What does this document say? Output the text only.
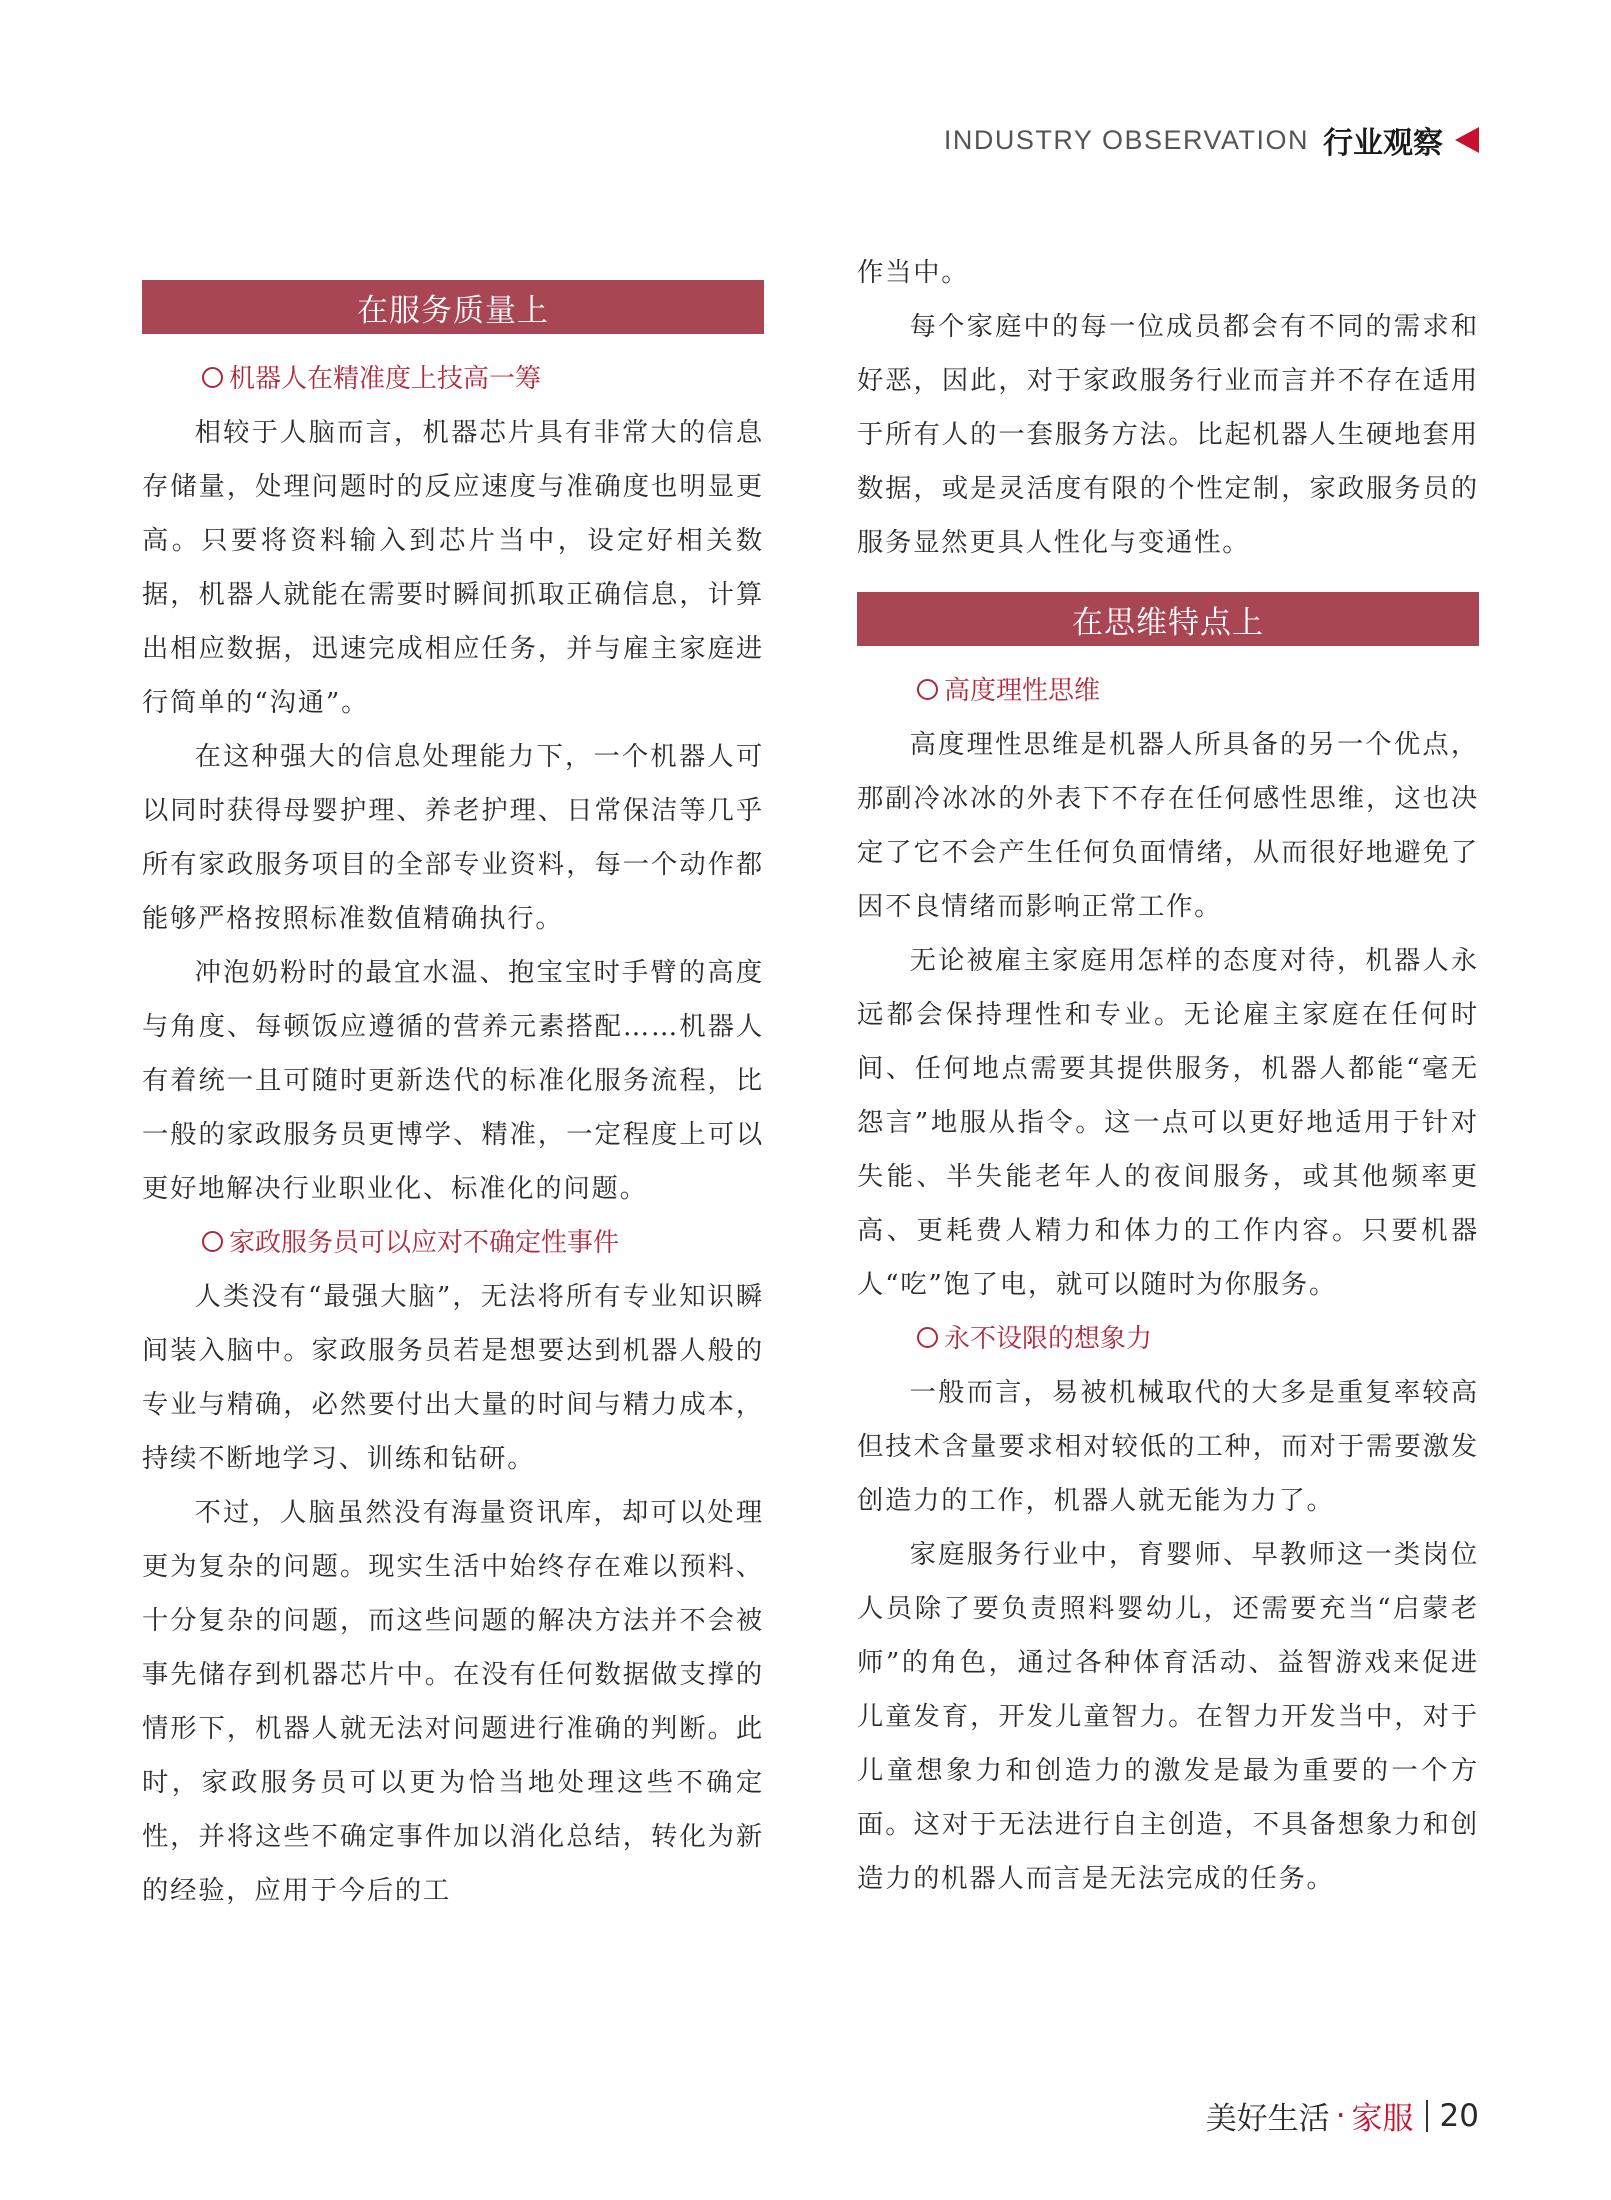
INDUSTRY OBSERVATION 行业观察
在服务质量上
机器人在精准度上技高一筹

相较于人脑而言，机器芯片具有非常大的信息存储量，处理问题时的反应速度与准确度也明显更高。只要将资料输入到芯片当中，设定好相关数据，机器人就能在需要时瞬间抓取正确信息，计算出相应数据，迅速完成相应任务，并与雇主家庭进行简单的“沟通”。

在这种强大的信息处理能力下，一个机器人可以同时获得母婴护理、养老护理、日常保洁等几乎所有家政服务项目的全部专业资料，每一个动作都能够严格按照标准数值精确执行。

冲泡奶粉时的最宜水温、抱宝宝时手臂的高度与角度、每顿饭应遵循的营养元素搭配……机器人有着统一且可随时更新迭代的标准化服务流程，比一般的家政服务员更博学、精准，一定程度上可以更好地解决行业职业化、标准化的问题。

家政服务员可以应对不确定性事件

人类没有“最强大脑”，无法将所有专业知识瞬间装入脑中。家政服务员若是想要达到机器人般的专业与精确，必然要付出大量的时间与精力成本，持续不断地学习、训练和钻研。

不过，人脑虽然没有海量资讯库，却可以处理更为复杂的问题。现实生活中始终存在难以预料、十分复杂的问题，而这些问题的解决方法并不会被事先储存到机器芯片中。在没有任何数据做支撑的情形下，机器人就无法对问题进行准确的判断。此时，家政服务员可以更为恰当地处理这些不确定性，并将这些不确定事件加以消化总结，转化为新的经验，应用于今后的工

作当中。

每个家庭中的每一位成员都会有不同的需求和好恶，因此，对于家政服务行业而言并不存在适用于所有人的一套服务方法。比起机器人生硬地套用数据，或是灵活度有限的个性定制，家政服务员的服务显然更具人性化与变通性。

在思维特点上
高度理性思维

高度理性思维是机器人所具备的另一个优点，那副冷冰冰的外表下不存在任何感性思维，这也决定了它不会产生任何负面情绪，从而很好地避免了因不良情绪而影响正常工作。

无论被雇主家庭用怎样的态度对待，机器人永远都会保持理性和专业。无论雇主家庭在任何时间、任何地点需要其提供服务，机器人都能“毫无怨言”地服从指令。这一点可以更好地适用于针对失能、半失能老年人的夜间服务，或其他频率更高、更耗费人精力和体力的工作内容。只要机器人“吃”饱了电，就可以随时为你服务。

永不设限的想象力

一般而言，易被机械取代的大多是重复率较高但技术含量要求相对较低的工种，而对于需要激发创造力的工作，机器人就无能为力了。

家庭服务行业中，育婴师、早教师这一类岗位人员除了要负责照料婴幼儿，还需要充当“启蒙老师”的角色，通过各种体育活动、益智游戏来促进儿童发育，开发儿童智力。在智力开发当中，对于儿童想象力和创造力的激发是最为重要的一个方面。这对于无法进行自主创造，不具备想象力和创造力的机器人而言是无法完成的任务。

美好生活 · 家服 20
